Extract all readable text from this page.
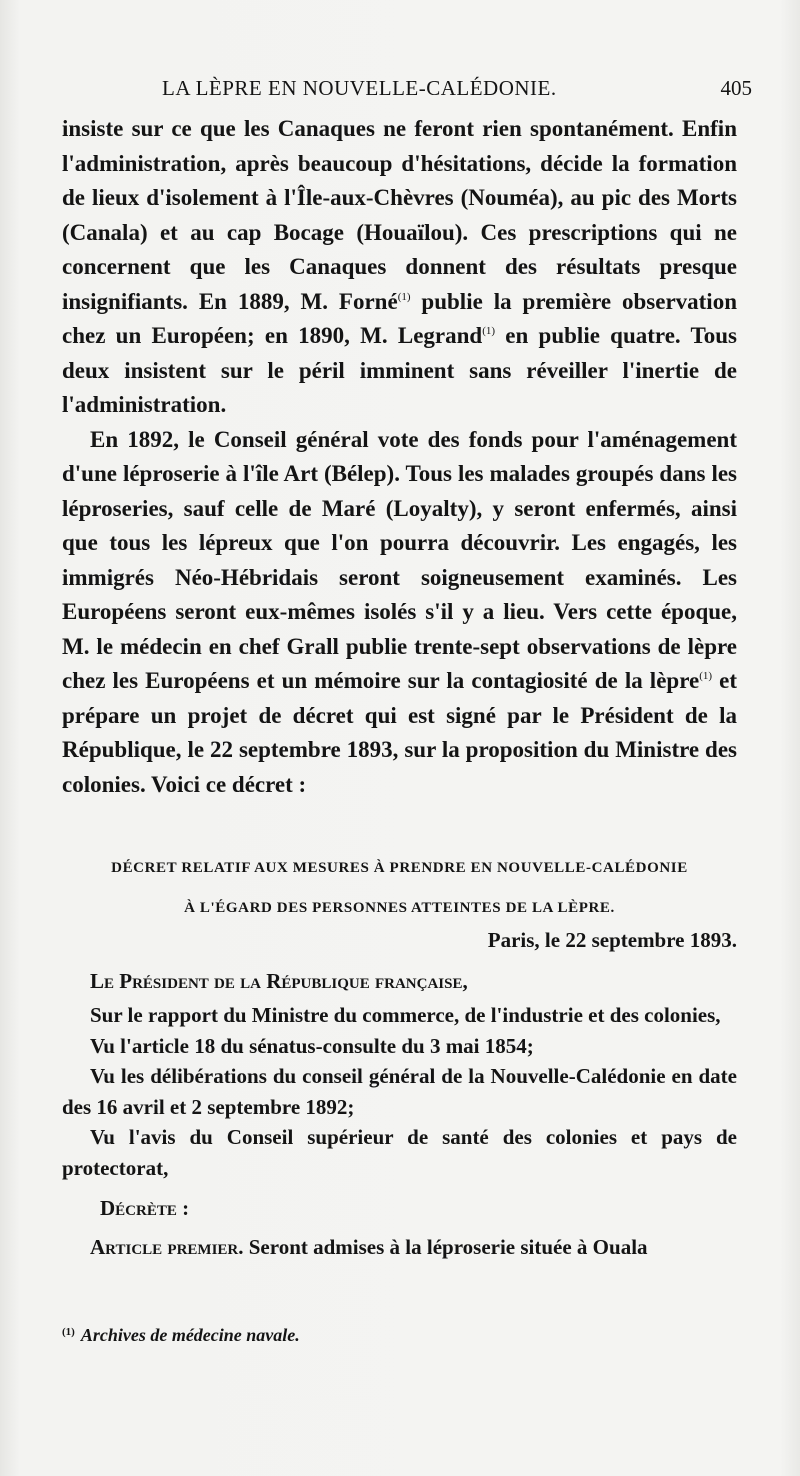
LA LÈPRE EN NOUVELLE-CALÉDONIE.	405

insiste sur ce que les Canaques ne feront rien spontanément. Enfin l'administration, après beaucoup d'hésitations, décide la formation de lieux d'isolement à l'Île-aux-Chèvres (Nouméa), au pic des Morts (Canala) et au cap Bocage (Houaïlou). Ces prescriptions qui ne concernent que les Canaques donnent des résultats presque insignifiants. En 1889, M. Forné$^{(1)}$ publie la première observation chez un Européen; en 1890, M. Legrand$^{(1)}$ en publie quatre. Tous deux insistent sur le péril imminent sans réveiller l'inertie de l'administration.

En 1892, le Conseil général vote des fonds pour l'aménagement d'une léproserie à l'île Art (Bélep). Tous les malades groupés dans les léproseries, sauf celle de Maré (Loyalty), y seront enfermés, ainsi que tous les lépreux que l'on pourra découvrir. Les engagés, les immigrés Néo-Hébridais seront soigneusement examinés. Les Européens seront eux-mêmes isolés s'il y a lieu. Vers cette époque, M. le médecin en chef Grall publie trente-sept observations de lèpre chez les Européens et un mémoire sur la contagiosité de la lèpre$^{(1)}$ et prépare un projet de décret qui est signé par le Président de la République, le 22 septembre 1893, sur la proposition du Ministre des colonies. Voici ce décret :

DÉCRET RELATIF AUX MESURES À PRENDRE EN NOUVELLE-CALÉDONIE
À L'ÉGARD DES PERSONNES ATTEINTES DE LA LÈPRE.

Paris, le 22 septembre 1893.

Le Président de la République française,

Sur le rapport du Ministre du commerce, de l'industrie et des colonies,

Vu l'article 18 du sénatus-consulte du 3 mai 1854;

Vu les délibérations du conseil général de la Nouvelle-Calédonie en date des 16 avril et 2 septembre 1892;

Vu l'avis du Conseil supérieur de santé des colonies et pays de protectorat,

Décrète :

Article premier. Seront admises à la léproserie située à Ouala

$^{(1)}$ Archives de médecine navale.
